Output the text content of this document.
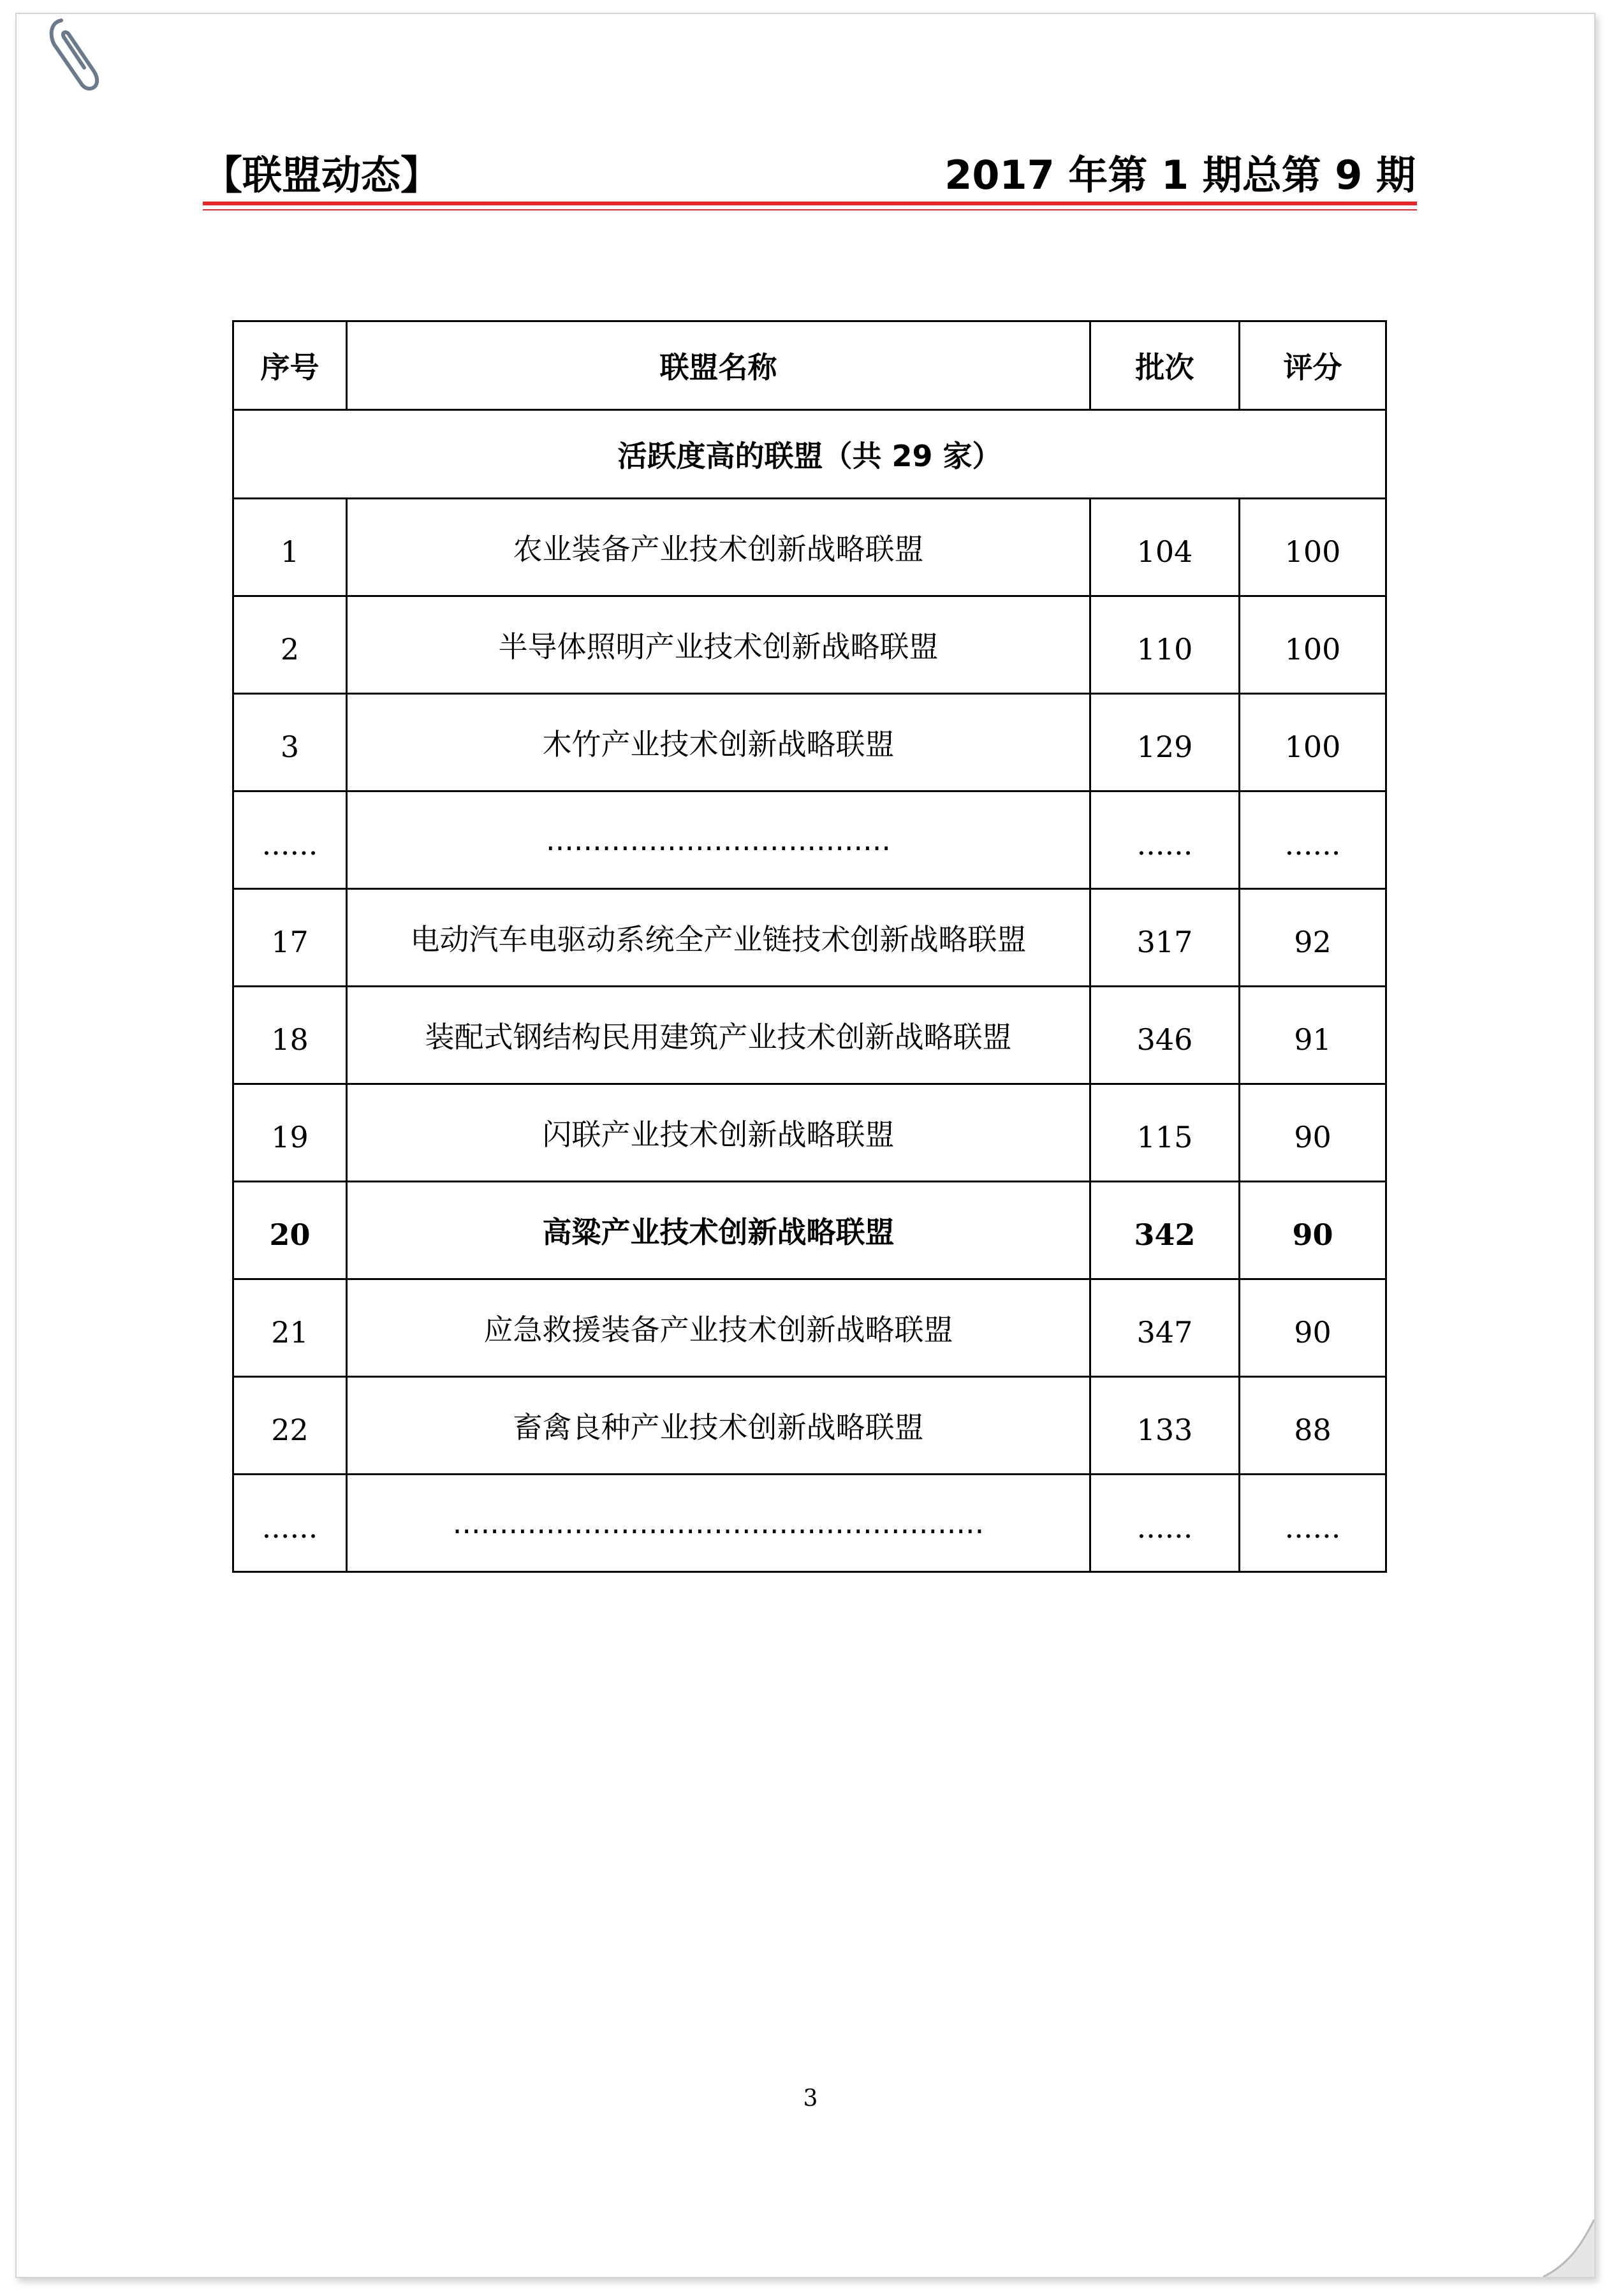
【联盟动态】	2017 年第 1 期总第 9 期
序号	联盟名称	批次	评分
活跃度高的联盟（共 29 家）			
1	农业装备产业技术创新战略联盟	104	100
2	半导体照明产业技术创新战略联盟	110	100
3	木竹产业技术创新战略联盟	129	100
......	.....................................	......	......
17	电动汽车电驱动系统全产业链技术创新战略联盟	317	92
18	装配式钢结构民用建筑产业技术创新战略联盟	346	91
19	闪联产业技术创新战略联盟	115	90
20	高粱产业技术创新战略联盟	342	90
21	应急救援装备产业技术创新战略联盟	347	90
22	畜禽良种产业技术创新战略联盟	133	88
......	.........................................................	......	......
3
